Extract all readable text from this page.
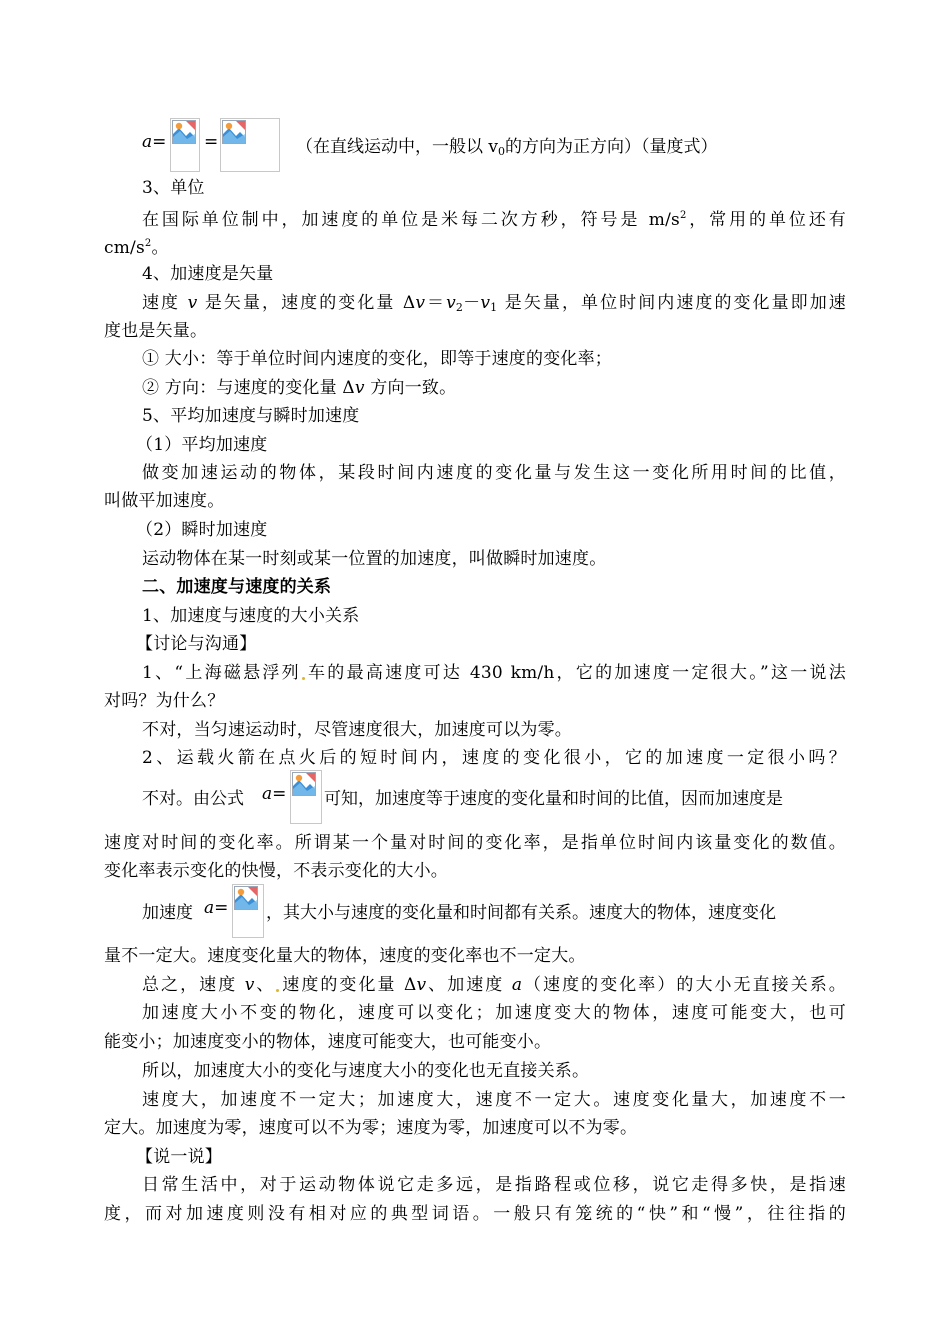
a= =	（在直线运动中，一般以 $v_0$的方向为正方向）（量度式）
3、单位
在国际单位制中，加速度的单位是米每二次方秒，符号是 $m/s^2$，常用的单位还有
$cm/s^2$。
4、加速度是矢量
速度 v 是矢量，速度的变化量 $\Delta v=v_2-v_1$ 是矢量，单位时间内速度的变化量即加速
度也是矢量。
① 大小：等于单位时间内速度的变化，即等于速度的变化率；
② 方向：与速度的变化量 Δv 方向一致。
5、平均加速度与瞬时加速度
（1）平均加速度
做变加速运动的物体，某段时间内速度的变化量与发生这一变化所用时间的比值，
叫做平加速度。
（2）瞬时加速度
运动物体在某一时刻或某一位置的加速度，叫做瞬时加速度。
二、加速度与速度的关系
1、加速度与速度的大小关系
【讨论与沟通】
1、“上海磁悬浮列 车的最高速度可达 430 km/h，它的加速度一定很大。”这一说法
对吗？为什么？
不对，当匀速运动时，尽管速度很大，加速度可以为零。
2、运载火箭在点火后的短时间内，速度的变化很小，它的加速度一定很小吗？
不对。由公式 a= 可知，加速度等于速度的变化量和时间的比值，因而加速度是
速度对时间的变化率。所谓某一个量对时间的变化率，是指单位时间内该量变化的数值。
变化率表示变化的快慢，不表示变化的大小。
加速度 a= ，其大小与速度的变化量和时间都有关系。速度大的物体，速度变化
量不一定大。速度变化量大的物体，速度的变化率也不一定大。
总之，速度 v、 速度的变化量 Δv、加速度 a（速度的变化率）的大小无直接关系。
加速度大小不变的物化，速度可以变化；加速度变大的物体，速度可能变大，也可
能变小；加速度变小的物体，速度可能变大，也可能变小。
所以，加速度大小的变化与速度大小的变化也无直接关系。
速度大，加速度不一定大；加速度大，速度不一定大。速度变化量大，加速度不一
定大。加速度为零，速度可以不为零；速度为零，加速度可以不为零。
【说一说】
日常生活中，对于运动物体说它走多远，是指路程或位移，说它走得多快，是指速
度，而对加速度则没有相对应的典型词语。一般只有笼统的“快”和“慢”，往往指的
